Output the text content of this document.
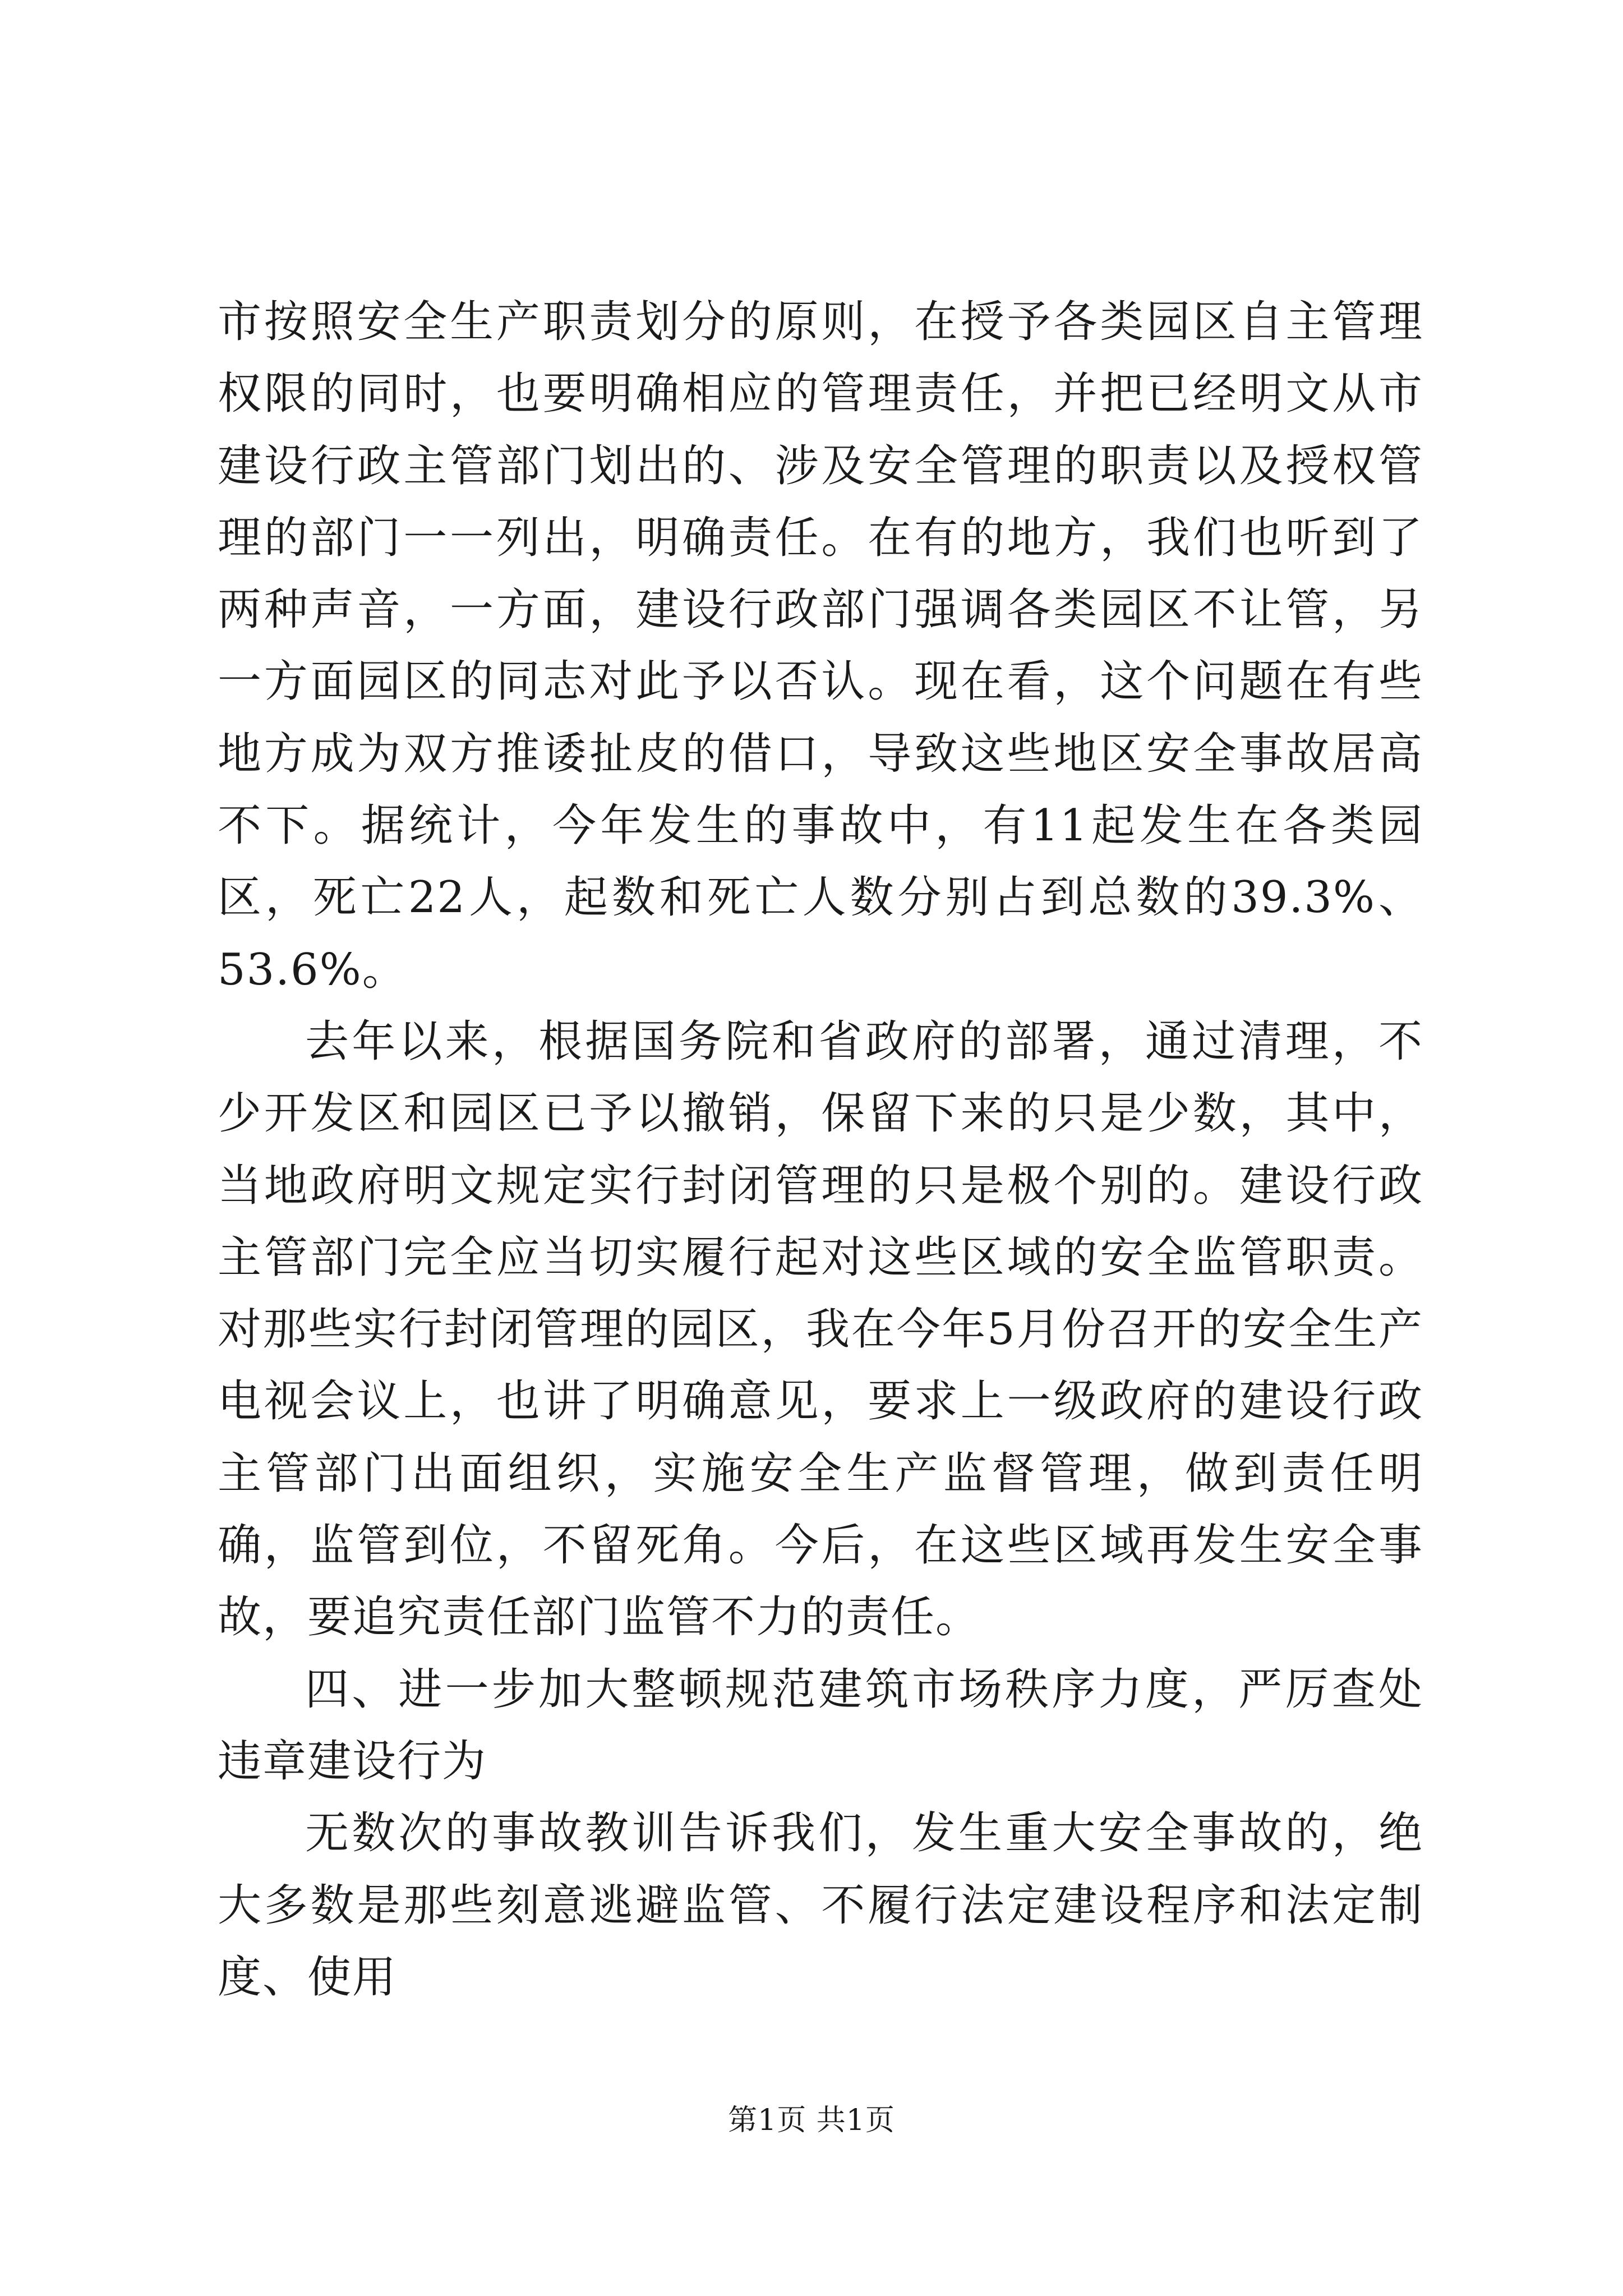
市按照安全生产职责划分的原则，在授予各类园区自主管理权限的同时，也要明确相应的管理责任，并把已经明文从市建设行政主管部门划出的、涉及安全管理的职责以及授权管理的部门一一列出，明确责任。在有的地方，我们也听到了两种声音，一方面，建设行政部门强调各类园区不让管，另一方面园区的同志对此予以否认。现在看，这个问题在有些地方成为双方推诿扯皮的借口，导致这些地区安全事故居高不下。据统计，今年发生的事故中，有11起发生在各类园区，死亡22人，起数和死亡人数分别占到总数的39.3%、53.6%。

去年以来，根据国务院和省政府的部署，通过清理，不少开发区和园区已予以撤销，保留下来的只是少数，其中，当地政府明文规定实行封闭管理的只是极个别的。建设行政主管部门完全应当切实履行起对这些区域的安全监管职责。对那些实行封闭管理的园区，我在今年5月份召开的安全生产电视会议上，也讲了明确意见，要求上一级政府的建设行政主管部门出面组织，实施安全生产监督管理，做到责任明确，监管到位，不留死角。今后，在这些区域再发生安全事故，要追究责任部门监管不力的责任。

四、进一步加大整顿规范建筑市场秩序力度，严厉查处违章建设行为

无数次的事故教训告诉我们，发生重大安全事故的，绝大多数是那些刻意逃避监管、不履行法定建设程序和法定制度、使用

第1页 共1页
